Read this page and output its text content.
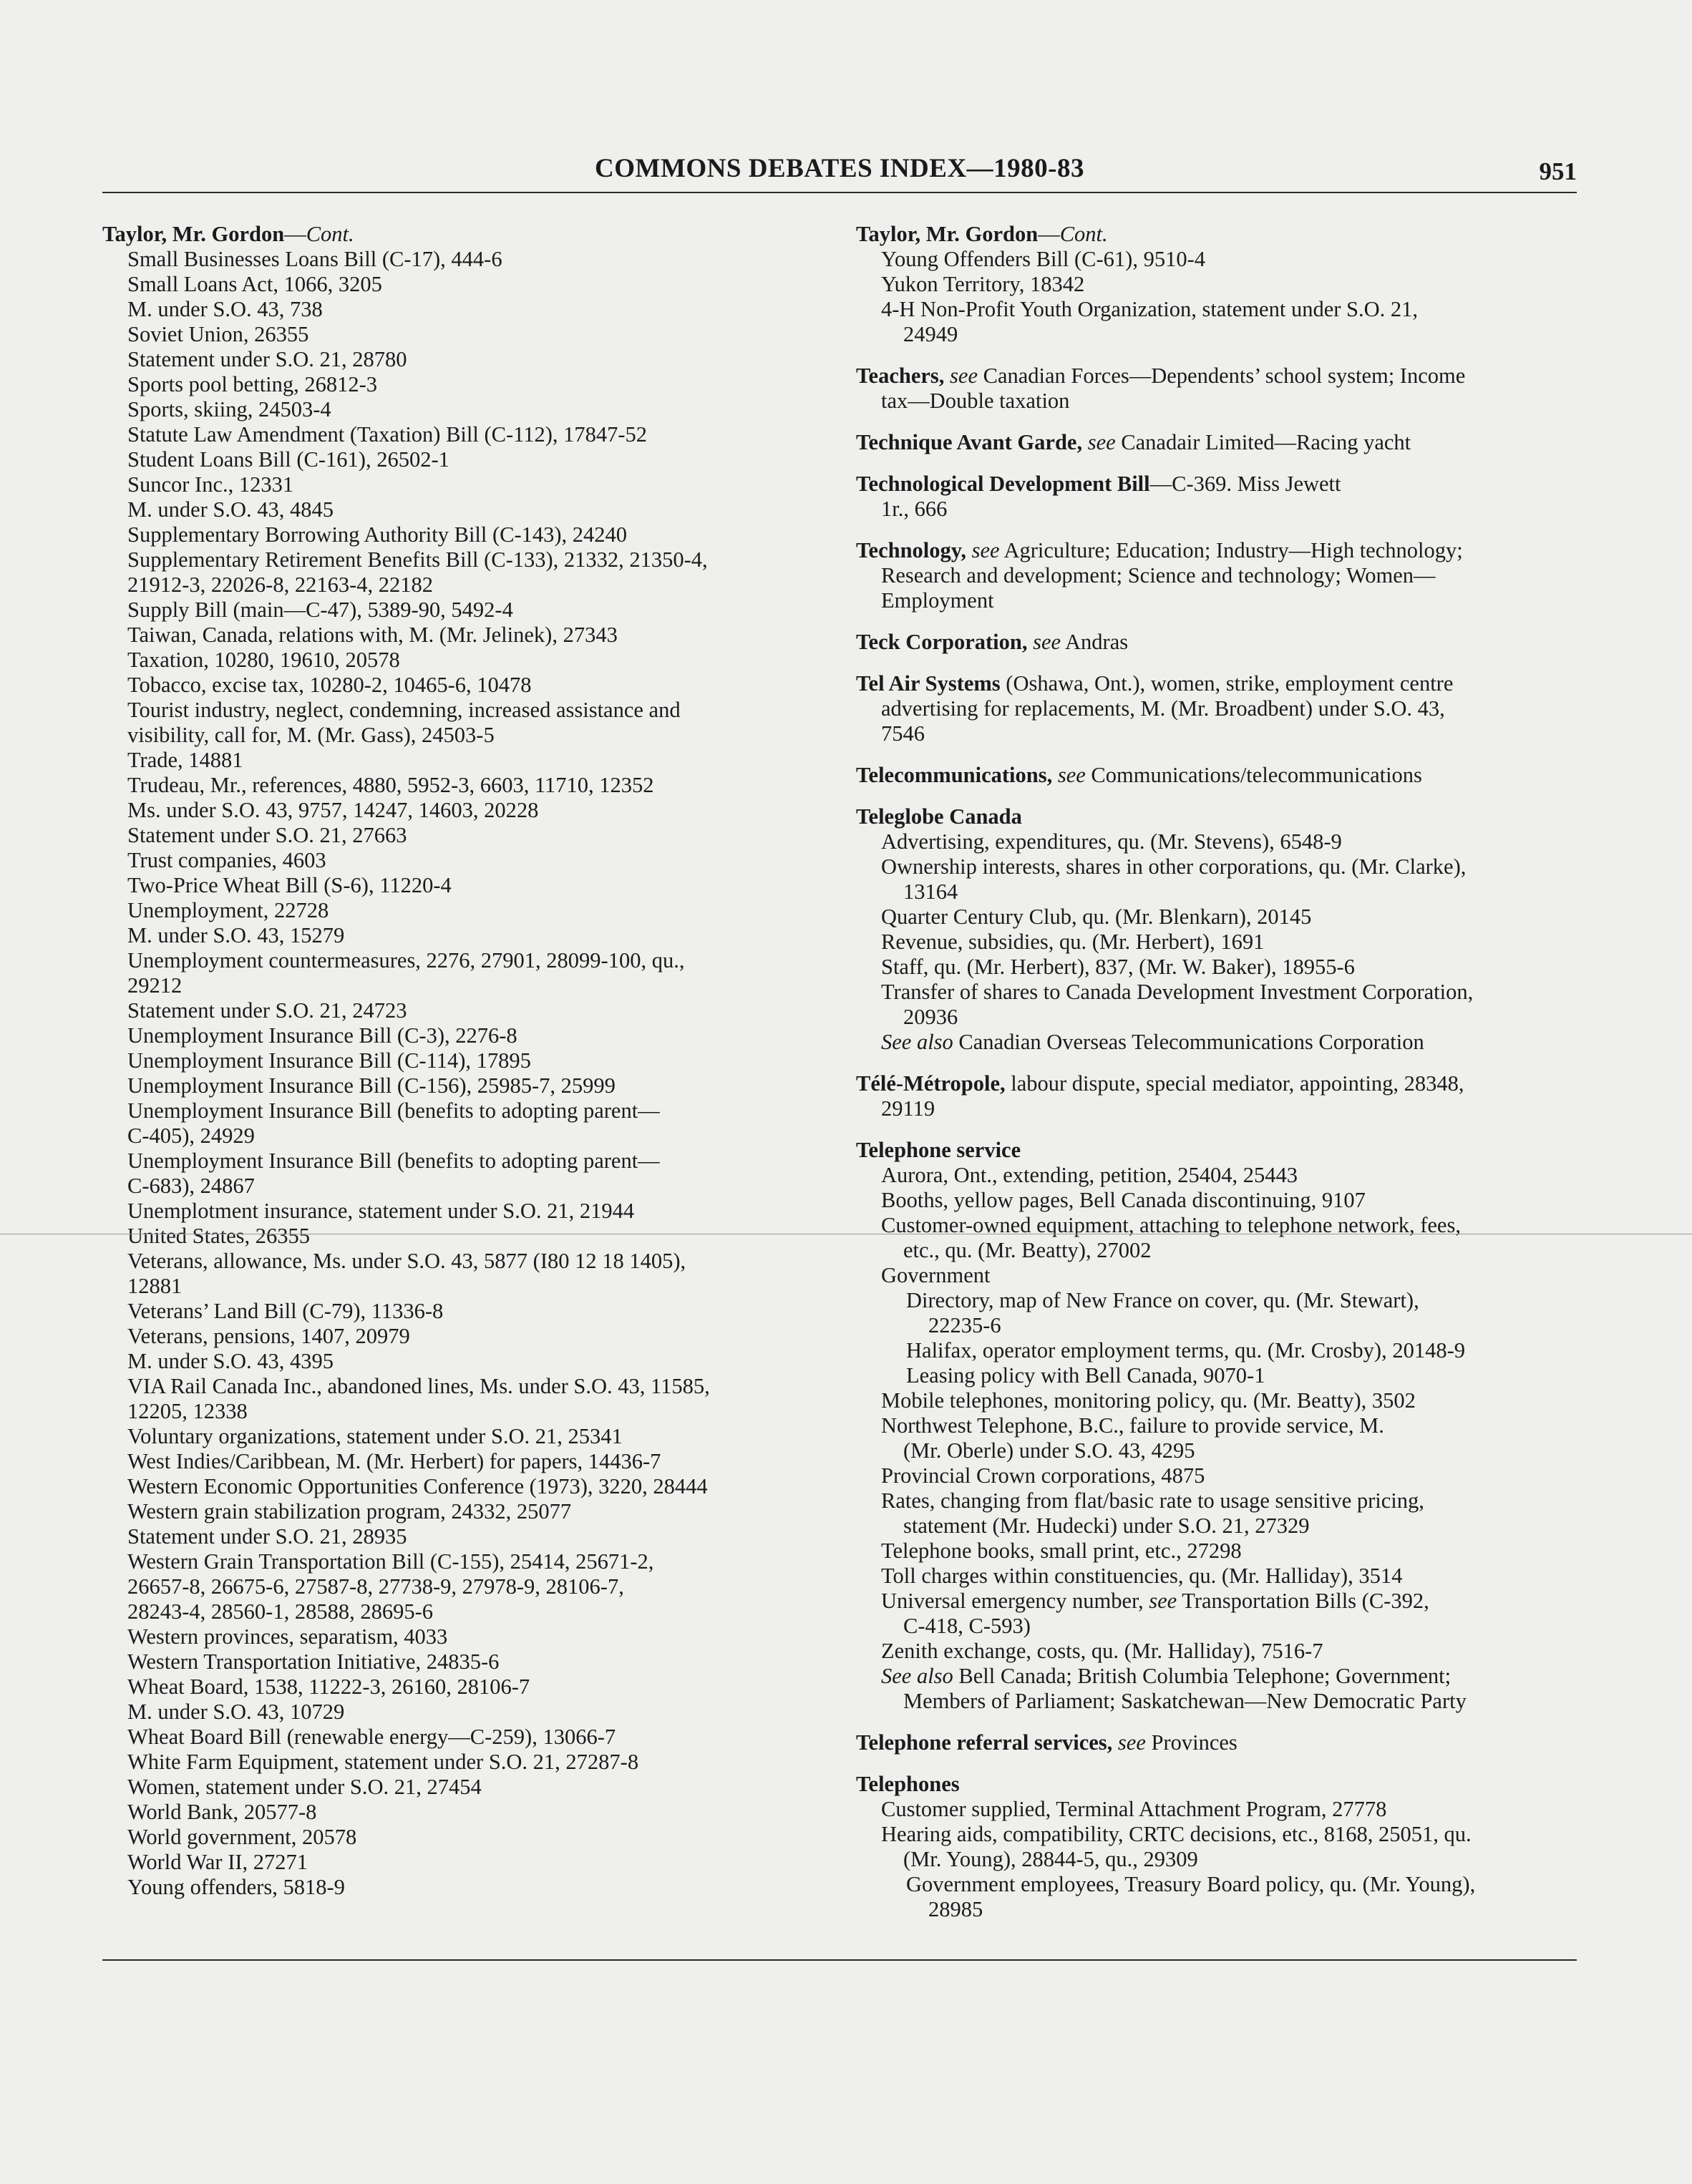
COMMONS DEBATES INDEX—1980-83	951
Taylor, Mr. Gordon—Cont.
Small Businesses Loans Bill (C-17), 444-6
Small Loans Act, 1066, 3205
M. under S.O. 43, 738
Soviet Union, 26355
Statement under S.O. 21, 28780
Sports pool betting, 26812-3
Sports, skiing, 24503-4
Statute Law Amendment (Taxation) Bill (C-112), 17847-52
Student Loans Bill (C-161), 26502-1
Suncor Inc., 12331
M. under S.O. 43, 4845
Supplementary Borrowing Authority Bill (C-143), 24240
Supplementary Retirement Benefits Bill (C-133), 21332, 21350-4,
21912-3, 22026-8, 22163-4, 22182
Supply Bill (main—C-47), 5389-90, 5492-4
Taiwan, Canada, relations with, M. (Mr. Jelinek), 27343
Taxation, 10280, 19610, 20578
Tobacco, excise tax, 10280-2, 10465-6, 10478
Tourist industry, neglect, condemning, increased assistance and
visibility, call for, M. (Mr. Gass), 24503-5
Trade, 14881
Trudeau, Mr., references, 4880, 5952-3, 6603, 11710, 12352
Ms. under S.O. 43, 9757, 14247, 14603, 20228
Statement under S.O. 21, 27663
Trust companies, 4603
Two-Price Wheat Bill (S-6), 11220-4
Unemployment, 22728
M. under S.O. 43, 15279
Unemployment countermeasures, 2276, 27901, 28099-100, qu.,
29212
Statement under S.O. 21, 24723
Unemployment Insurance Bill (C-3), 2276-8
Unemployment Insurance Bill (C-114), 17895
Unemployment Insurance Bill (C-156), 25985-7, 25999
Unemployment Insurance Bill (benefits to adopting parent—
C-405), 24929
Unemployment Insurance Bill (benefits to adopting parent—
C-683), 24867
Unemplotment insurance, statement under S.O. 21, 21944
United States, 26355
Veterans, allowance, Ms. under S.O. 43, 5877 (I80 12 18 1405),
12881
Veterans’ Land Bill (C-79), 11336-8
Veterans, pensions, 1407, 20979
M. under S.O. 43, 4395
VIA Rail Canada Inc., abandoned lines, Ms. under S.O. 43, 11585,
12205, 12338
Voluntary organizations, statement under S.O. 21, 25341
West Indies/Caribbean, M. (Mr. Herbert) for papers, 14436-7
Western Economic Opportunities Conference (1973), 3220, 28444
Western grain stabilization program, 24332, 25077
Statement under S.O. 21, 28935
Western Grain Transportation Bill (C-155), 25414, 25671-2,
26657-8, 26675-6, 27587-8, 27738-9, 27978-9, 28106-7,
28243-4, 28560-1, 28588, 28695-6
Western provinces, separatism, 4033
Western Transportation Initiative, 24835-6
Wheat Board, 1538, 11222-3, 26160, 28106-7
M. under S.O. 43, 10729
Wheat Board Bill (renewable energy—C-259), 13066-7
White Farm Equipment, statement under S.O. 21, 27287-8
Women, statement under S.O. 21, 27454
World Bank, 20577-8
World government, 20578
World War II, 27271
Young offenders, 5818-9
Taylor, Mr. Gordon—Cont.
Young Offenders Bill (C-61), 9510-4
Yukon Territory, 18342
4-H Non-Profit Youth Organization, statement under S.O. 21,
24949
Teachers, see Canadian Forces—Dependents’ school system; Income
tax—Double taxation
Technique Avant Garde, see Canadair Limited—Racing yacht
Technological Development Bill—C-369. Miss Jewett
1r., 666
Technology, see Agriculture; Education; Industry—High technology;
Research and development; Science and technology; Women—
Employment
Teck Corporation, see Andras
Tel Air Systems (Oshawa, Ont.), women, strike, employment centre
advertising for replacements, M. (Mr. Broadbent) under S.O. 43,
7546
Telecommunications, see Communications/telecommunications
Teleglobe Canada
Advertising, expenditures, qu. (Mr. Stevens), 6548-9
Ownership interests, shares in other corporations, qu. (Mr. Clarke),
13164
Quarter Century Club, qu. (Mr. Blenkarn), 20145
Revenue, subsidies, qu. (Mr. Herbert), 1691
Staff, qu. (Mr. Herbert), 837, (Mr. W. Baker), 18955-6
Transfer of shares to Canada Development Investment Corporation,
20936
See also Canadian Overseas Telecommunications Corporation
Télé-Métropole, labour dispute, special mediator, appointing, 28348,
29119
Telephone service
Aurora, Ont., extending, petition, 25404, 25443
Booths, yellow pages, Bell Canada discontinuing, 9107
Customer-owned equipment, attaching to telephone network, fees,
etc., qu. (Mr. Beatty), 27002
Government
Directory, map of New France on cover, qu. (Mr. Stewart),
22235-6
Halifax, operator employment terms, qu. (Mr. Crosby), 20148-9
Leasing policy with Bell Canada, 9070-1
Mobile telephones, monitoring policy, qu. (Mr. Beatty), 3502
Northwest Telephone, B.C., failure to provide service, M.
(Mr. Oberle) under S.O. 43, 4295
Provincial Crown corporations, 4875
Rates, changing from flat/basic rate to usage sensitive pricing,
statement (Mr. Hudecki) under S.O. 21, 27329
Telephone books, small print, etc., 27298
Toll charges within constituencies, qu. (Mr. Halliday), 3514
Universal emergency number, see Transportation Bills (C-392,
C-418, C-593)
Zenith exchange, costs, qu. (Mr. Halliday), 7516-7
See also Bell Canada; British Columbia Telephone; Government;
Members of Parliament; Saskatchewan—New Democratic Party
Telephone referral services, see Provinces
Telephones
Customer supplied, Terminal Attachment Program, 27778
Hearing aids, compatibility, CRTC decisions, etc., 8168, 25051, qu.
(Mr. Young), 28844-5, qu., 29309
Government employees, Treasury Board policy, qu. (Mr. Young),
28985
